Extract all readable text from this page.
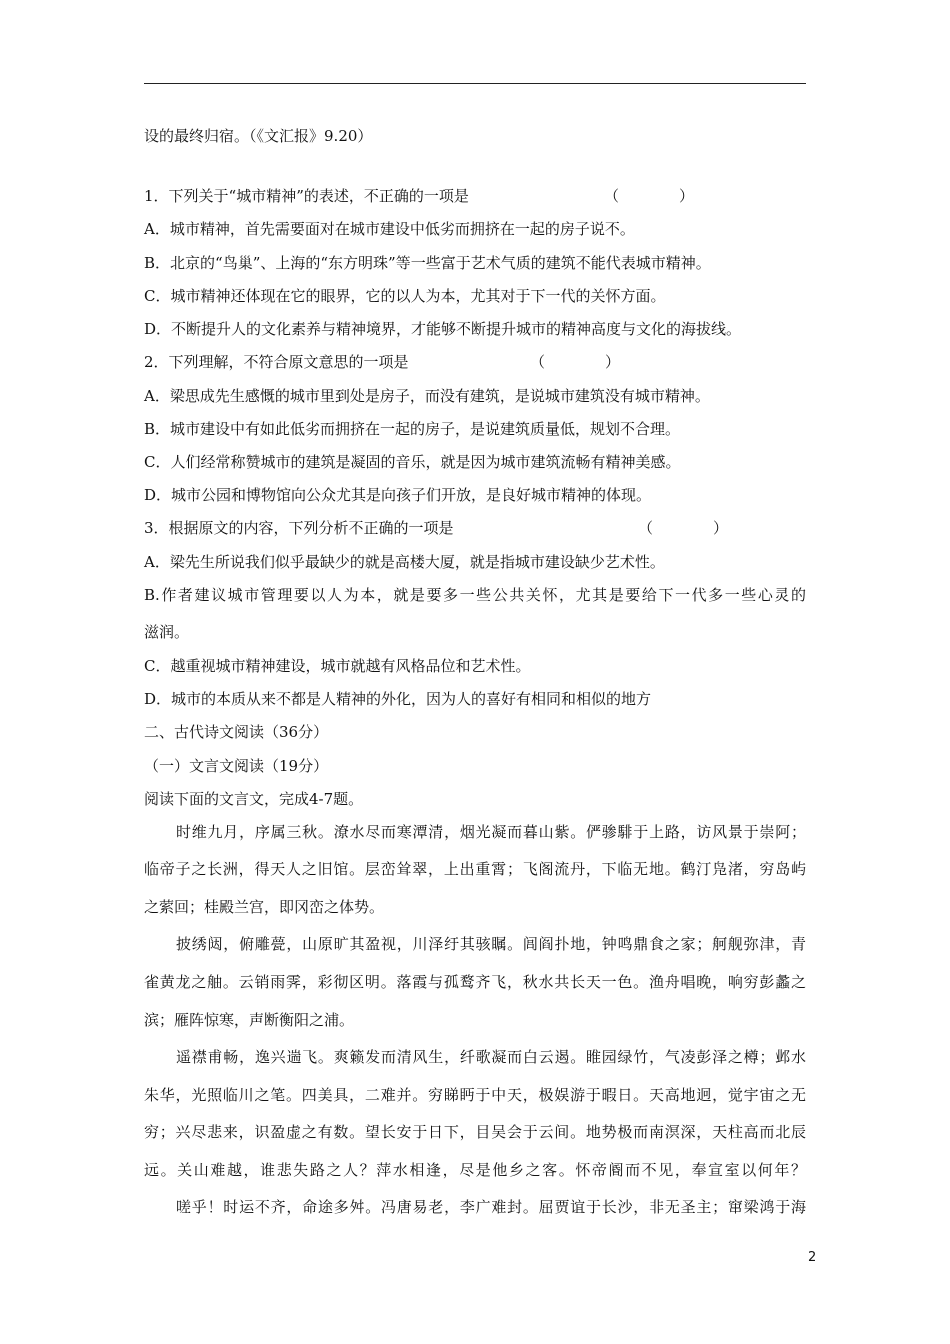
设的最终归宿。（《文汇报》9.20）
1．下列关于“城市精神”的表述，不正确的一项是	（　　　　）
A．城市精神，首先需要面对在城市建设中低劣而拥挤在一起的房子说不。
B．北京的“鸟巢”、上海的“东方明珠”等一些富于艺术气质的建筑不能代表城市精神。
C．城市精神还体现在它的眼界，它的以人为本，尤其对于下一代的关怀方面。
D．不断提升人的文化素养与精神境界，才能够不断提升城市的精神高度与文化的海拔线。
2．下列理解，不符合原文意思的一项是	（　　　　）
A．梁思成先生感慨的城市里到处是房子，而没有建筑，是说城市建筑没有城市精神。
B．城市建设中有如此低劣而拥挤在一起的房子，是说建筑质量低，规划不合理。
C．人们经常称赞城市的建筑是凝固的音乐，就是因为城市建筑流畅有精神美感。
D．城市公园和博物馆向公众尤其是向孩子们开放，是良好城市精神的体现。
3．根据原文的内容，下列分析不正确的一项是	（　　　　）
A．梁先生所说我们似乎最缺少的就是高楼大厦，就是指城市建设缺少艺术性。
B.作者建议城市管理要以人为本，就是要多一些公共关怀，尤其是要给下一代多一些心灵的
滋润。
C．越重视城市精神建设，城市就越有风格品位和艺术性。
D．城市的本质从来不都是人精神的外化，因为人的喜好有相同和相似的地方
二、古代诗文阅读（36分）
（一）文言文阅读（19分）
阅读下面的文言文，完成4-7题。
时维九月，序属三秋。潦水尽而寒潭清，烟光凝而暮山紫。俨骖騑于上路，访风景于崇阿；
临帝子之长洲，得天人之旧馆。层峦耸翠，上出重霄；飞阁流丹，下临无地。鹤汀凫渚，穷岛屿
之萦回；桂殿兰宫，即冈峦之体势。
披绣闼，俯雕甍，山原旷其盈视，川泽纡其骇瞩。闾阎扑地，钟鸣鼎食之家；舸舰弥津，青
雀黄龙之舳。云销雨霁，彩彻区明。落霞与孤鹜齐飞，秋水共长天一色。渔舟唱晚，响穷彭蠡之
滨；雁阵惊寒，声断衡阳之浦。
遥襟甫畅，逸兴遄飞。爽籁发而清风生，纤歌凝而白云遏。睢园绿竹，气凌彭泽之樽；邺水
朱华，光照临川之笔。四美具，二难并。穷睇眄于中天，极娱游于暇日。天高地迥，觉宇宙之无
穷；兴尽悲来，识盈虚之有数。望长安于日下，目吴会于云间。地势极而南溟深，天柱高而北辰
远。关山难越，谁悲失路之人？萍水相逢，尽是他乡之客。怀帝阍而不见，奉宣室以何年？
嗟乎！时运不齐，命途多舛。冯唐易老，李广难封。屈贾谊于长沙，非无圣主；窜梁鸿于海
2
